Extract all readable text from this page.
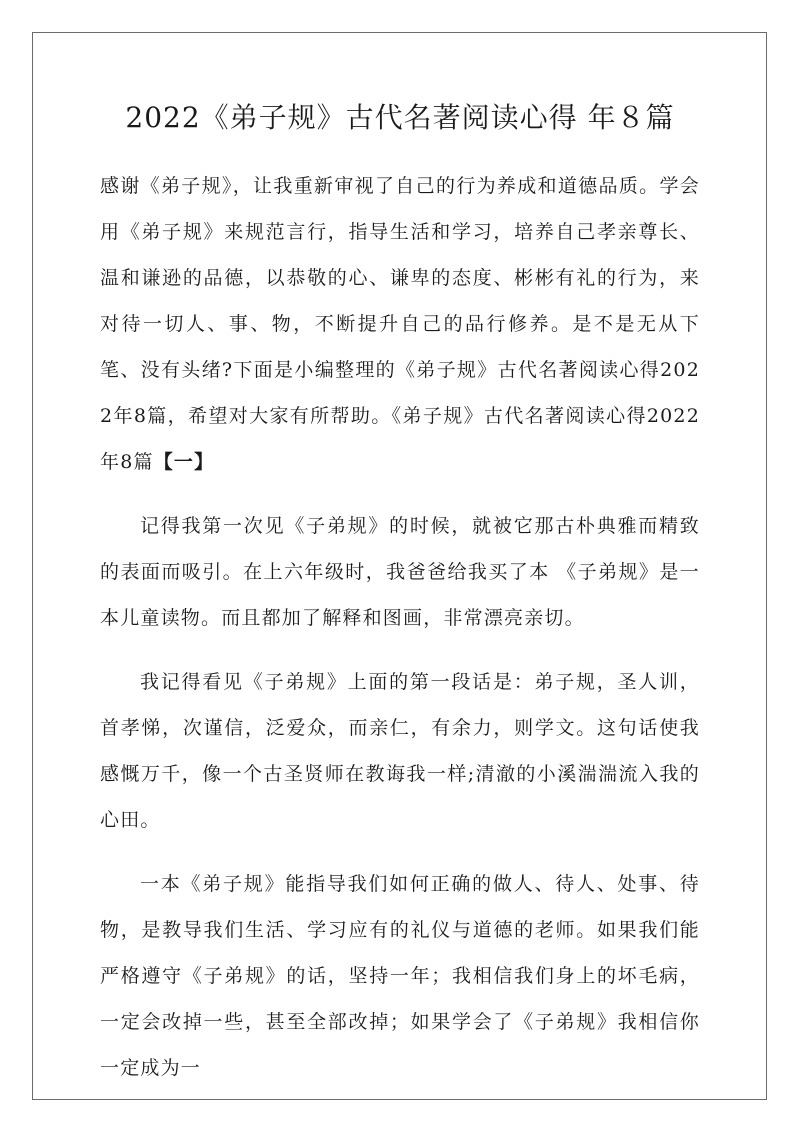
2022《弟子规》古代名著阅读心得 年８篇

感谢《弟子规》，让我重新审视了自己的行为养成和道德品质。学会用《弟子规》来规范言行，指导生活和学习，培养自己孝亲尊长、温和谦逊的品德，以恭敬的心、谦卑的态度、彬彬有礼的行为，来对待一切人、事、物，不断提升自己的品行修养。是不是无从下笔、没有头绪?下面是小编整理的《弟子规》古代名著阅读心得2022年8篇，希望对大家有所帮助。《弟子规》古代名著阅读心得2022年8篇【一】

记得我第一次见《子弟规》的时候，就被它那古朴典雅而精致的表面而吸引。在上六年级时，我爸爸给我买了本 《子弟规》是一本儿童读物。而且都加了解释和图画，非常漂亮亲切。

我记得看见《子弟规》上面的第一段话是：弟子规，圣人训，首孝悌，次谨信，泛爱众，而亲仁，有余力，则学文。这句话使我感慨万千，像一个古圣贤师在教诲我一样;清澈的小溪湍湍流入我的心田。

一本《弟子规》能指导我们如何正确的做人、待人、处事、待物，是教导我们生活、学习应有的礼仪与道德的老师。如果我们能严格遵守《子弟规》的话，坚持一年；我相信我们身上的坏毛病，一定会改掉一些，甚至全部改掉；如果学会了《子弟规》我相信你一定成为一
